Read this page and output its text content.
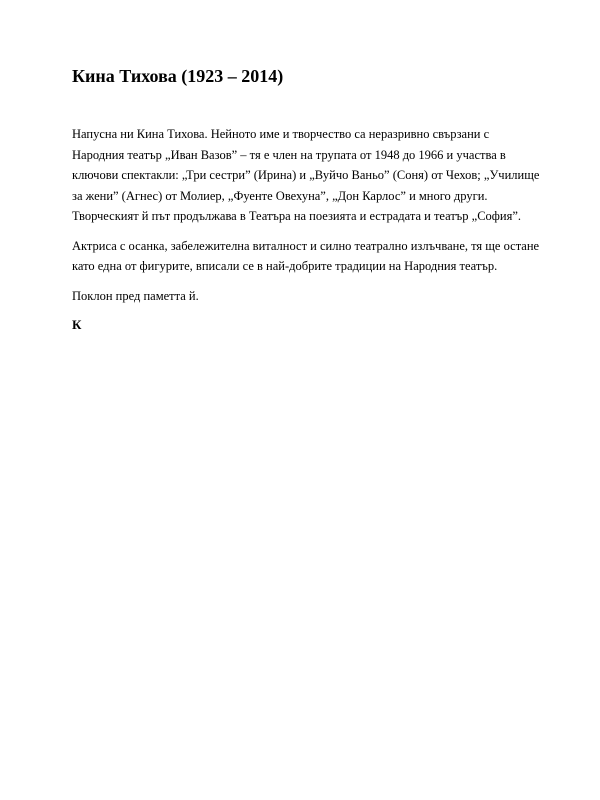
Кина Тихова (1923 – 2014)

Напусна ни Кина Тихова. Нейното име и творчество са неразривно свързани с
Народния театър „Иван Вазов” – тя е член на трупата от 1948 до 1966 и участва в
ключови спектакли: „Три сестри” (Ирина) и „Вуйчо Ваньо” (Соня) от Чехов; „Училище
за жени” (Агнес) от Молиер, „Фуенте Овехуна”, „Дон Карлос” и много други.
Творческият й път продължава в Театъра на поезията и естрадата и театър „София”.

Актриса с осанка, забележителна виталност и силно театрално излъчване, тя ще остане
като една от фигурите, вписали се в най-добрите традиции на Народния театър.

Поклон пред паметта й.

К
